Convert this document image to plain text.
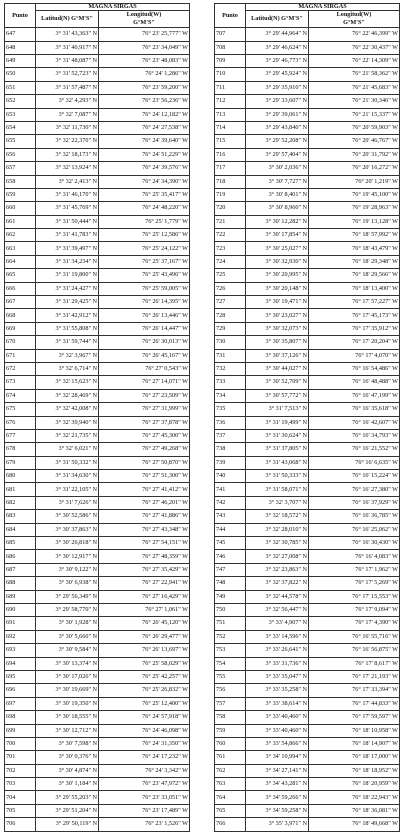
Punto	MAGNA SIRGAS	
	Latitud(N) G°M'S"	Longitud(W)
G°M'S"
647	3° 31' 43,363" N	76° 23' 25,777" W
648	3° 31' 40,917" N	76° 23' 34,049" W
649	3° 31' 48,087" N	76° 23' 48,083" W
650	3° 31' 52,723" N	76° 24' 1,286" W
651	3° 31' 57,487" N	76° 23' 59,200" W
652	3° 32' 4,293" N	76° 23' 56,236" W
653	3° 32' 7,087" N	76° 24' 12,182" W
654	3° 32' 11,730" N	76° 24' 27,538" W
655	3° 32' 22,370" N	76° 24' 39,640" W
656	3° 32' 18,173" N	76° 24' 51,229" W
657	3° 32' 13,924" N	76° 24' 39,576" W
658	3° 32' 2,413" N	76° 24' 34,390" W
659	3° 31' 46,170" N	76° 25' 35,417" W
660	3° 31' 45,769" N	76° 24' 48,220" W
661	3° 31' 50,444" N	76° 25' 1,779" W
662	3° 31' 41,783" N	76° 25' 12,586" W
663	3° 31' 39,497" N	76° 25' 24,122" W
664	3° 31' 34,234" N	76° 25' 37,167" W
665	3° 31' 19,800" N	76° 25' 43,496" W
666	3° 31' 24,427" N	76° 25' 59,005" W
667	3° 31' 29,425" N	76° 26' 14,395" W
668	3° 31' 42,912" N	76° 26' 13,446" W
669	3° 31' 55,808" N	76° 26' 14,447" W
670	3° 31' 59,744" N	76° 26' 30,013" W
671	3° 32' 3,967" N	76° 26' 45,167" W
672	3° 32' 6,714" N	76° 27' 0,543" W
673	3° 32' 15,623" N	76° 27' 14,071" W
674	3° 32' 28,469" N	76° 27' 23,509" W
675	3° 32' 42,008" N	76° 27' 31,999" W
676	3° 32' 39,940" N	76° 27' 37,878" W
677	3° 32' 21,735" N	76° 27' 45,300" W
678	3° 32' 6,021" N	76° 27' 49,268" W
679	3° 31' 50,332" N	76° 27' 50,870" W
680	3° 31' 34,630" N	76° 27' 51,300" W
681	3° 31' 22,105" N	76° 27' 41,412" W
682	3° 31' 7,626" N	76° 27' 46,201" W
683	3° 30' 52,586" N	76° 27' 41,886" W
684	3° 30' 37,863" N	76° 27' 43,348" W
685	3° 30' 26,818" N	76° 27' 54,151" W
686	3° 30' 12,917" N	76° 27' 48,359" W
687	3° 30' 9,122" N	76° 27' 35,429" W
688	3° 30' 6,938" N	76° 27' 22,941" W
689	3° 29' 56,349" N	76° 27' 16,429" W
690	3° 29' 58,770" N	76° 27' 1,061" W
691	3° 30' 1,928" N	76° 26' 45,120" W
692	3° 30' 5,660" N	76° 26' 29,477" W
693	3° 30' 9,584" N	76° 26' 13,697" W
694	3° 30' 13,374" N	76° 25' 58,029" W
695	3° 30' 17,026" N	76° 25' 42,257" W
696	3° 30' 19,669" N	76° 25' 26,832" W
697	3° 30' 19,350" N	76° 25' 12,400" W
698	3° 30' 18,555" N	76° 24' 57,918" W
699	3° 30' 12,712" N	76° 24' 46,098" W
700	3° 30' 7,598" N	76° 24' 31,350" W
701	3° 30' 0,376" N	76° 24' 17,232" W
702	3° 30' 4,874" N	76° 24' 3,342" W
703	3° 30' 1,184" N	76° 23' 47,972" W
704	3° 29' 55,203" N	76° 23' 33,051" W
705	3° 29' 51,204" N	76° 23' 17,489" W
706	3° 29' 50,119" N	76° 23' 1,526" W
Punto	MAGNA SIRGAS	
	Latitud(N) G°M'S"	Longitud(W)
G°M'S"
707	3° 29' 44,964" N	76° 22' 46,399" W
708	3° 29' 46,624" N	76° 22' 30,437" W
709	3° 29' 46,773" N	76° 22' 14,309" W
710	3° 29' 45,924" N	76° 21' 58,362" W
711	3° 29' 35,910" N	76° 21' 45,683" W
712	3° 29' 33,607" N	76° 21' 30,346" W
713	3° 29' 39,061" N	76° 21' 15,337" W
714	3° 29' 43,840" N	76° 20' 59,903" W
715	3° 29' 52,208" N	76° 20' 46,767" W
716	3° 29' 57,404" N	76° 20' 31,792" W
717	3° 30' 2,036" N	76° 20' 16,272" W
718	3° 30' 7,727" N	76° 20' 1,219" W
719	3° 30' 8,401" N	76° 19' 45,100" W
720	3° 30' 8,960" N	76° 19' 28,963" W
721	3° 30' 12,282" N	76° 19' 13,128" W
722	3° 30' 17,854" N	76° 18' 57,992" W
723	3° 30' 25,027" N	76° 18' 43,479" W
724	3° 30' 32,930" N	76° 18' 29,348" W
725	3° 30' 20,995" N	76° 18' 29,566" W
726	3° 30' 20,148" N	76° 18' 13,400" W
727	3° 30' 19,471" N	76° 17' 57,227" W
728	3° 30' 23,027" N	76° 17' 45,173" W
729	3° 30' 32,073" N	76° 17' 35,912" W
730	3° 30' 35,807" N	76° 17' 20,204" W
731	3° 30' 37,126" N	76° 17' 4,070" W
732	3° 30' 44,027" N	76° 16' 54,486" W
733	3° 30' 52,709" N	76° 16' 48,488" W
734	3° 30' 57,772" N	76° 16' 47,199" W
735	3° 31' 7,513" N	76° 16' 35,618" W
736	3° 31' 19,499" N	76° 16' 42,607" W
737	3° 31' 30,624" N	76° 16' 34,793" W
738	3° 31' 37,805" N	76° 16' 21,552" W
739	3° 31' 43,068" N	76° 16' 6,635" W
740	3° 31' 50,333" N	76° 16' 15,224" W
741	3° 31' 58,071" N	76° 16' 27,380" W
742	3° 32' 3,707" N	76° 16' 37,929" W
743	3° 32' 18,572" N	76° 16' 36,785" W
744	3° 32' 28,010" N	76° 16' 25,062" W
745	3° 32' 30,785" N	76° 16' 30,430" W
746	3° 32' 27,008" N	76° 16' 4,083" W
747	3° 32' 23,863" N	76° 17' 1,962" W
748	3° 32' 37,822" N	76° 17' 5,269" W
749	3° 32' 44,578" N	76° 17' 15,553" W
750	3° 32' 56,447" N	76° 17' 9,094" W
751	3° 33' 4,907" N	76° 17' 4,390" W
752	3° 33' 14,596" N	76° 16' 55,716" W
753	3° 33' 26,641" N	76° 16' 56,875" W
754	3° 33' 31,736" N	76° 17' 8,617" W
755	3° 33' 35,047" N	76° 17' 21,193" W
756	3° 33' 35,258" N	76° 17' 33,394" W
757	3° 33' 38,614" N	76° 17' 44,833" W
758	3° 33' 40,460" N	76° 17' 59,597" W
759	3° 33' 40,460" N	76° 18' 10,958" W
760	3° 33' 54,866" N	76° 18' 14,907" W
761	3° 34' 10,994" N	76° 18' 17,000" W
762	3° 34' 27,141" N	76° 18' 18,952" W
763	3° 34' 43,281" N	76° 18' 20,959" W
764	3° 34' 59,266" N	76° 18' 22,943" W
765	3° 34' 59,258" N	76° 18' 36,081" W
766	3° 35' 3,971" N	76° 18' 49,668" W
